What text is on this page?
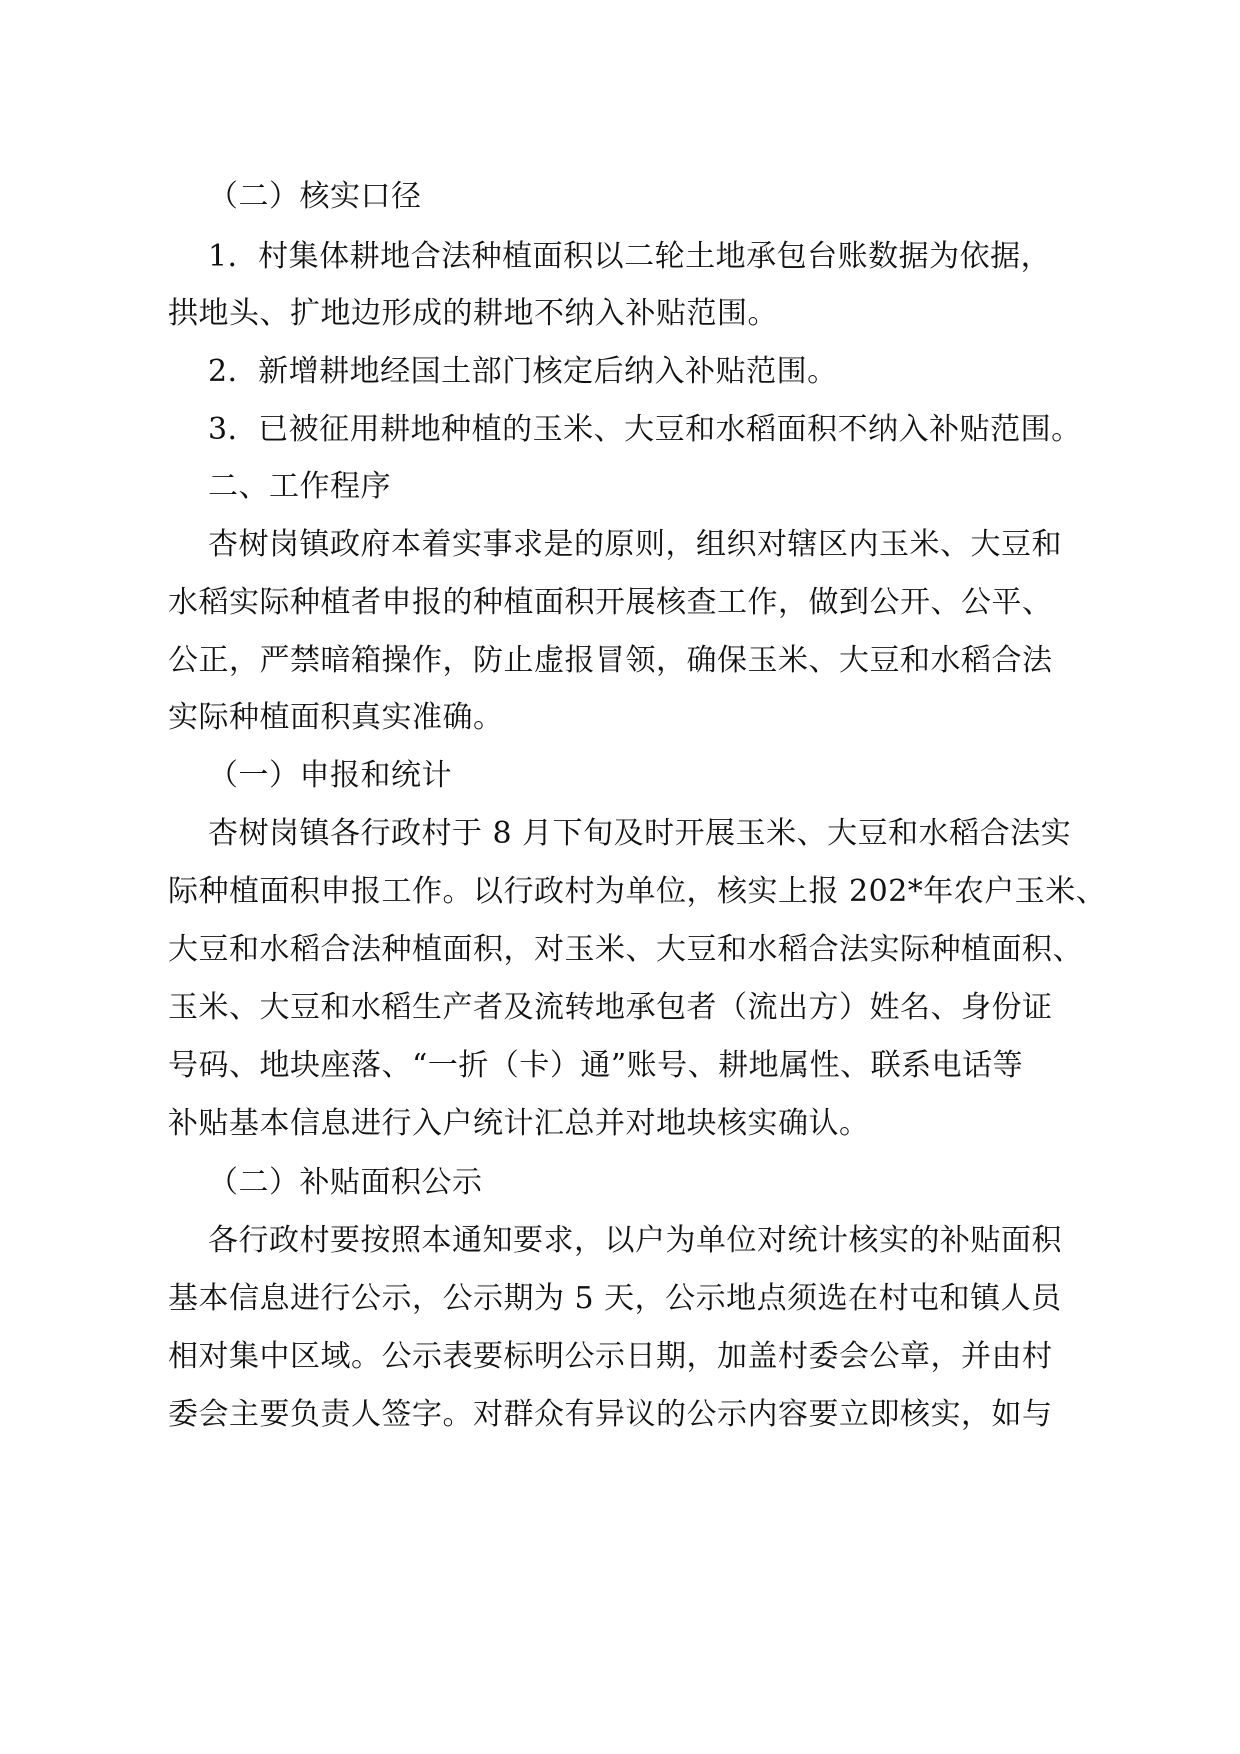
（二）核实口径
1．村集体耕地合法种植面积以二轮土地承包台账数据为依据，
拱地头、扩地边形成的耕地不纳入补贴范围。
2．新增耕地经国土部门核定后纳入补贴范围。
3．已被征用耕地种植的玉米、大豆和水稻面积不纳入补贴范围。
二、工作程序
杏树岗镇政府本着实事求是的原则，组织对辖区内玉米、大豆和
水稻实际种植者申报的种植面积开展核查工作，做到公开、公平、
公正，严禁暗箱操作，防止虚报冒领，确保玉米、大豆和水稻合法
实际种植面积真实准确。
（一）申报和统计
杏树岗镇各行政村于 8 月下旬及时开展玉米、大豆和水稻合法实
际种植面积申报工作。以行政村为单位，核实上报 202*年农户玉米、
大豆和水稻合法种植面积，对玉米、大豆和水稻合法实际种植面积、
玉米、大豆和水稻生产者及流转地承包者（流出方）姓名、身份证
号码、地块座落、“一折（卡）通”账号、耕地属性、联系电话等
补贴基本信息进行入户统计汇总并对地块核实确认。
（二）补贴面积公示
各行政村要按照本通知要求，以户为单位对统计核实的补贴面积
基本信息进行公示，公示期为 5 天，公示地点须选在村屯和镇人员
相对集中区域。公示表要标明公示日期，加盖村委会公章，并由村
委会主要负责人签字。对群众有异议的公示内容要立即核实，如与
